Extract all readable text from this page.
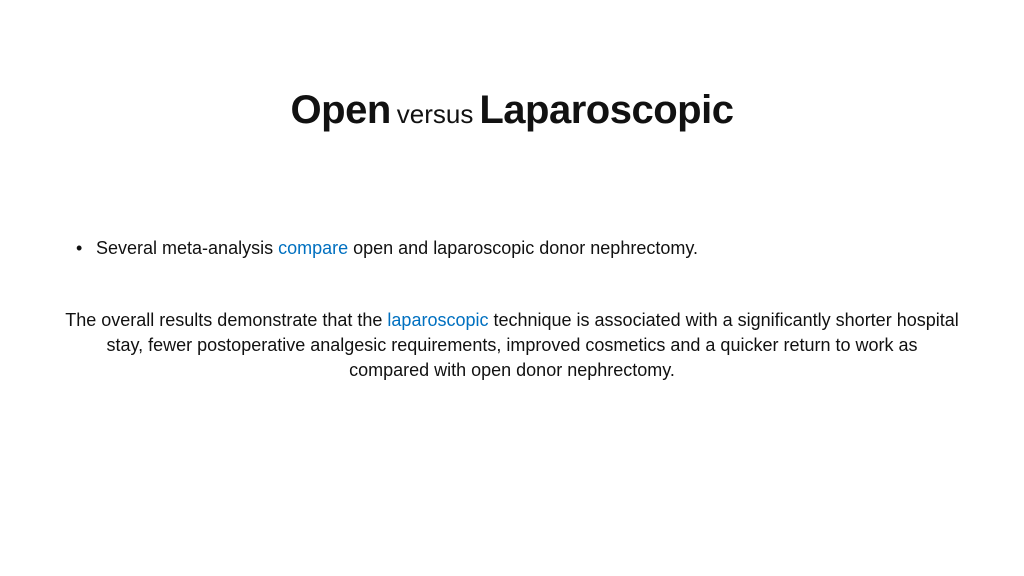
Open versus Laparoscopic
• Several meta-analysis compare open and laparoscopic donor nephrectomy.
The overall results demonstrate that the laparoscopic technique is associated with a significantly shorter hospital stay, fewer postoperative analgesic requirements, improved cosmetics and a quicker return to work as compared with open donor nephrectomy.
